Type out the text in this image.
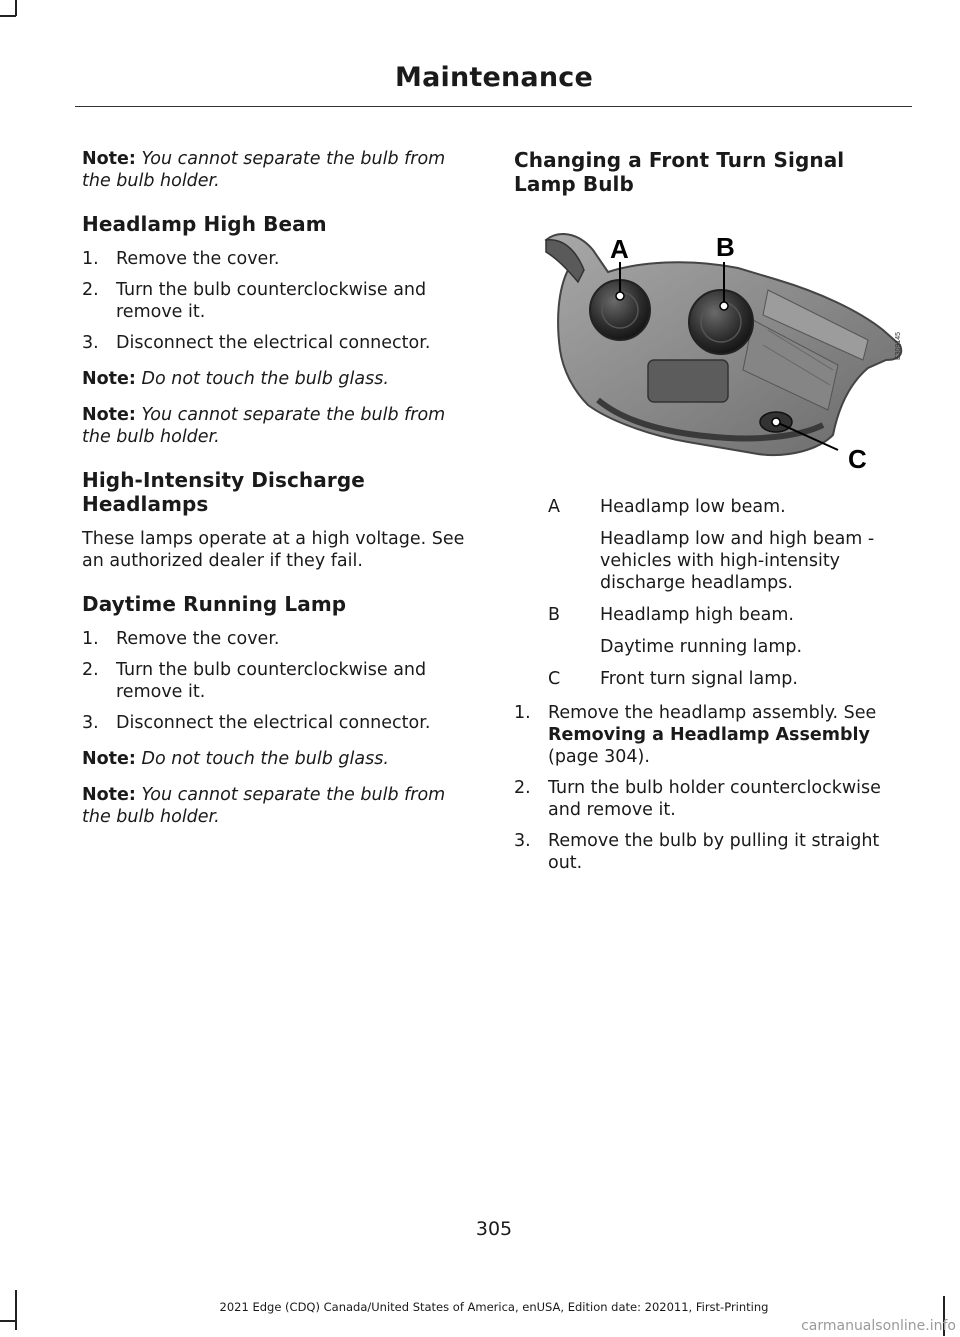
Maintenance

Note: You cannot separate the bulb from the bulb holder.

Headlamp High Beam
1. Remove the cover.
2. Turn the bulb counterclockwise and remove it.
3. Disconnect the electrical connector.

Note: Do not touch the bulb glass.

Note: You cannot separate the bulb from the bulb holder.

High-Intensity Discharge Headlamps

These lamps operate at a high voltage. See an authorized dealer if they fail.

Daytime Running Lamp
1. Remove the cover.
2. Turn the bulb counterclockwise and remove it.
3. Disconnect the electrical connector.

Note: Do not touch the bulb glass.

Note: You cannot separate the bulb from the bulb holder.

Changing a Front Turn Signal Lamp Bulb
A	B
C
E309145
A	Headlamp low beam.
Headlamp low and high beam - vehicles with high-intensity discharge headlamps.
B	Headlamp high beam.
Daytime running lamp.
C	Front turn signal lamp.
1. Remove the headlamp assembly. See Removing a Headlamp Assembly (page 304).
2. Turn the bulb holder counterclockwise and remove it.
3. Remove the bulb by pulling it straight out.
305
2021 Edge (CDQ) Canada/United States of America, enUSA, Edition date: 202011, First-Printing
carmanualsonline.info
